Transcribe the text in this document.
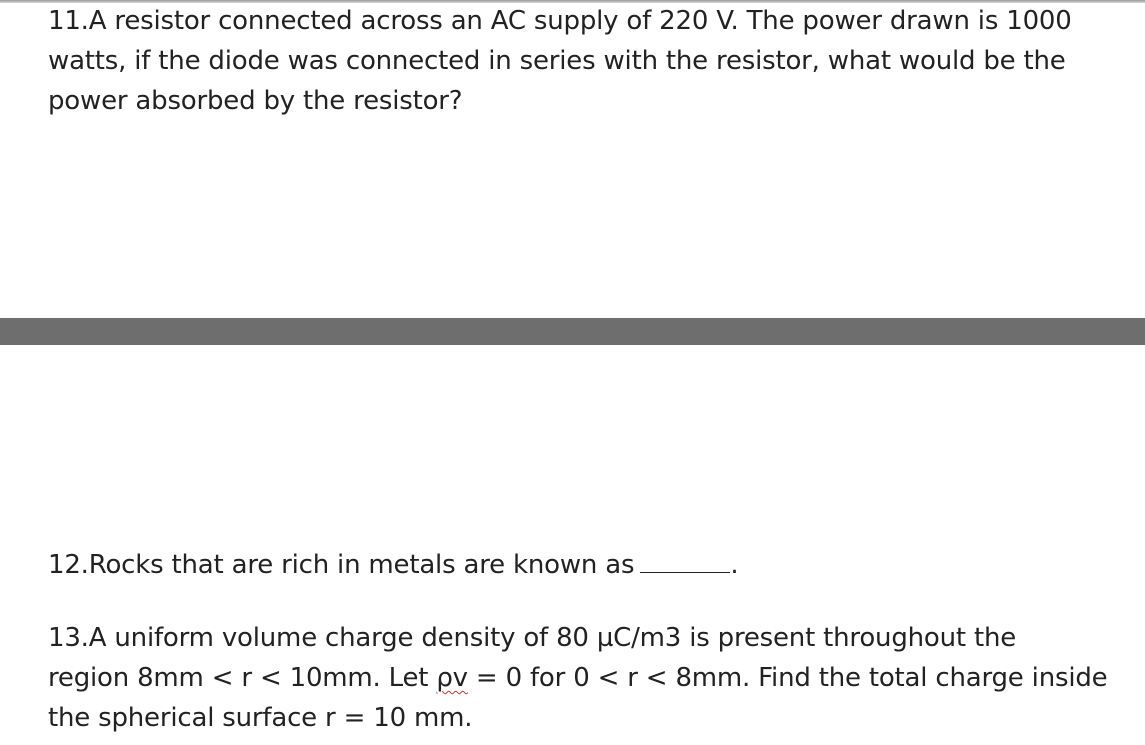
11.A resistor connected across an AC supply of 220 V. The power drawn is 1000
watts, if the diode was connected in series with the resistor, what would be the
power absorbed by the resistor?
12.Rocks that are rich in metals are known as	.
13.A uniform volume charge density of 80 µC/m3 is present throughout the
region 8mm < r < 10mm. Let ρv = 0 for 0 < r < 8mm. Find the total charge inside
the spherical surface r = 10 mm.
